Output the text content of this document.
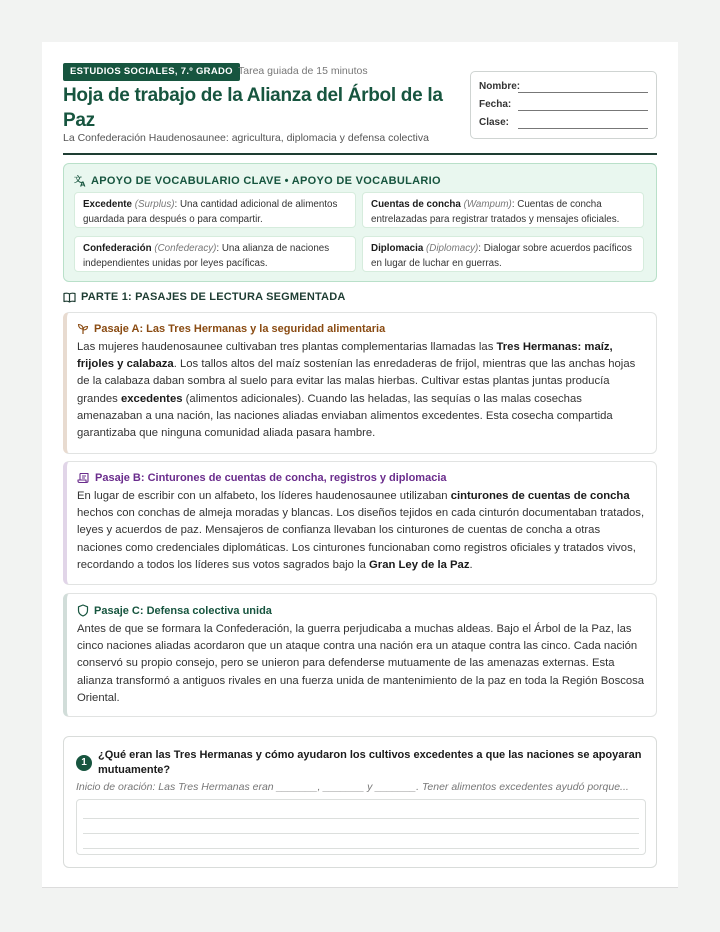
ESTUDIOS SOCIALES, 7.º GRADO Tarea guiada de 15 minutos
Hoja de trabajo de la Alianza del Árbol de la Paz
La Confederación Haudenosaunee: agricultura, diplomacia y defensa colectiva
Nombre:
Fecha:
Clase:
文
A APOYO DE VOCABULARIO CLAVE • APOYO DE VOCABULARIO
Excedente (Surplus): Una cantidad adicional de alimentos guardada para después o para compartir.
Cuentas de concha (Wampum): Cuentas de concha entrelazadas para registrar tratados y mensajes oficiales.
Confederación (Confederacy): Una alianza de naciones independientes unidas por leyes pacíficas.
Diplomacia (Diplomacy): Dialogar sobre acuerdos pacíficos en lugar de luchar en guerras.
PARTE 1: PASAJES DE LECTURA SEGMENTADA
Pasaje A: Las Tres Hermanas y la seguridad alimentaria
Las mujeres haudenosaunee cultivaban tres plantas complementarias llamadas las Tres Hermanas: maíz, frijoles y calabaza. Los tallos altos del maíz sostenían las enredaderas de frijol, mientras que las anchas hojas de la calabaza daban sombra al suelo para evitar las malas hierbas. Cultivar estas plantas juntas producía grandes excedentes (alimentos adicionales). Cuando las heladas, las sequías o las malas cosechas amenazaban a una nación, las naciones aliadas enviaban alimentos excedentes. Esta cosecha compartida garantizaba que ninguna comunidad aliada pasara hambre.
Pasaje B: Cinturones de cuentas de concha, registros y diplomacia
En lugar de escribir con un alfabeto, los líderes haudenosaunee utilizaban cinturones de cuentas de concha hechos con conchas de almeja moradas y blancas. Los diseños tejidos en cada cinturón documentaban tratados, leyes y acuerdos de paz. Mensajeros de confianza llevaban los cinturones de cuentas de concha a otras naciones como credenciales diplomáticas. Los cinturones funcionaban como registros oficiales y tratados vivos, recordando a todos los líderes sus votos sagrados bajo la Gran Ley de la Paz.
Pasaje C: Defensa colectiva unida
Antes de que se formara la Confederación, la guerra perjudicaba a muchas aldeas. Bajo el Árbol de la Paz, las cinco naciones aliadas acordaron que un ataque contra una nación era un ataque contra las cinco. Cada nación conservó su propio consejo, pero se unieron para defenderse mutuamente de las amenazas externas. Esta alianza transformó a antiguos rivales en una fuerza unida de mantenimiento de la paz en toda la Región Boscosa Oriental.
1
¿Qué eran las Tres Hermanas y cómo ayudaron los cultivos excedentes a que las naciones se apoyaran mutuamente?
Inicio de oración: Las Tres Hermanas eran _______, _______ y _______. Tener alimentos excedentes ayudó porque...
